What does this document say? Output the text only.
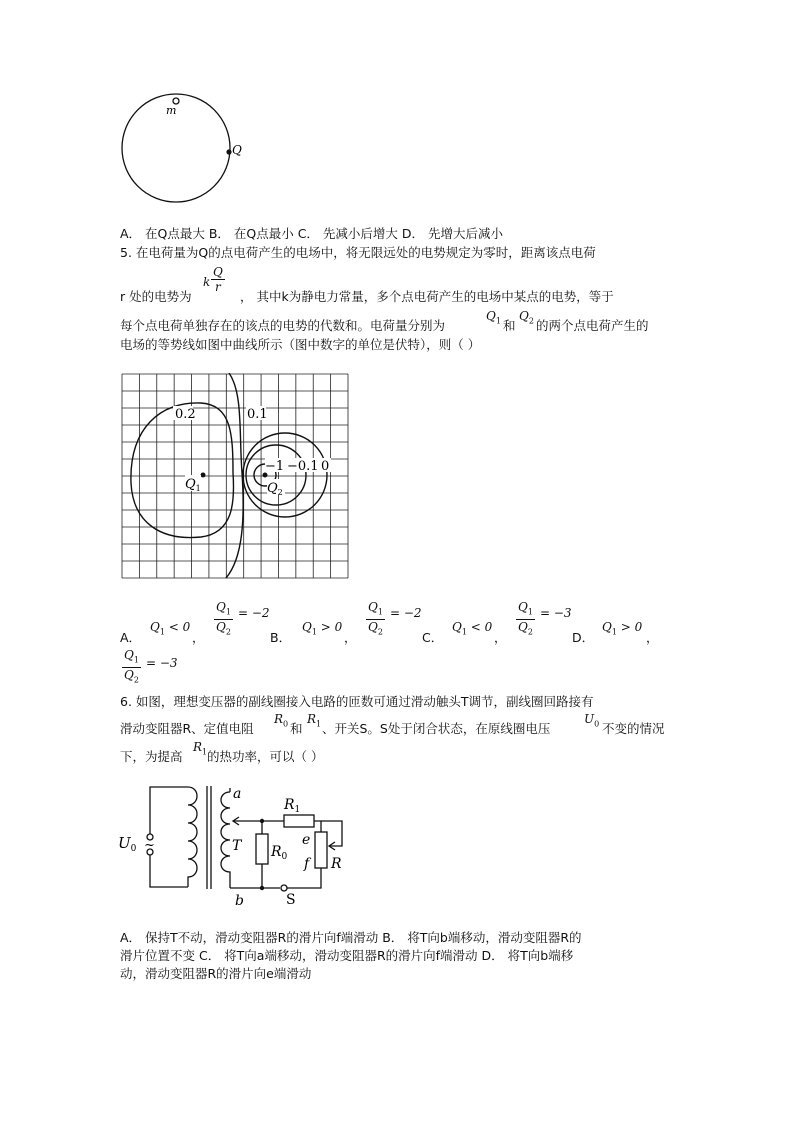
m
Q
A． 在Q点最大 B． 在Q点最小 C． 先减小后增大 D． 先增大后减小
5. 在电荷量为Q的点电荷产生的电场中，将无限远处的电势规定为零时，距离该点电荷
r 处的电势为
k $\frac{Q}{r}$
， 其中k为静电力常量，多个点电荷产生的电场中某点的电势，等于
每个点电荷单独存在的该点的电势的代数和。电荷量分别为
$Q_1$ 和
$Q_2$ 的两个点电荷产生的
电场的等势线如图中曲线所示（图中数字的单位是伏特），则（ ）
0.2	0.1
−1 −0.1 0
$Q_1$	$Q_2$
A．
$Q_1 < 0$
， $\frac{Q_1}{Q_2} = -2$
B．
$Q_1 > 0$
， $\frac{Q_1}{Q_2} = -2$
C．
$Q_1 < 0$
， $\frac{Q_1}{Q_2} = -3$
D．
$Q_1 > 0$
，
$\frac{Q_1}{Q_2} = -3$
6. 如图，理想变压器的副线圈接入电路的匝数可通过滑动触头T调节，副线圈回路接有
滑动变阻器R、定值电阻
$R_0$ 和
$R_1$ 、开关S。S处于闭合状态，在原线圈电压
$U_0$ 不变的情况
下，为提高
$R_1$ 的热功率，可以（ ）
$U_0$ ~
a
T
b
$R_1$
$R_0$
e
f R
S
A． 保持T不动，滑动变阻器R的滑片向f端滑动 B． 将T向b端移动，滑动变阻器R的
滑片位置不变 C． 将T向a端移动，滑动变阻器R的滑片向f端滑动 D． 将T向b端移
动，滑动变阻器R的滑片向e端滑动
